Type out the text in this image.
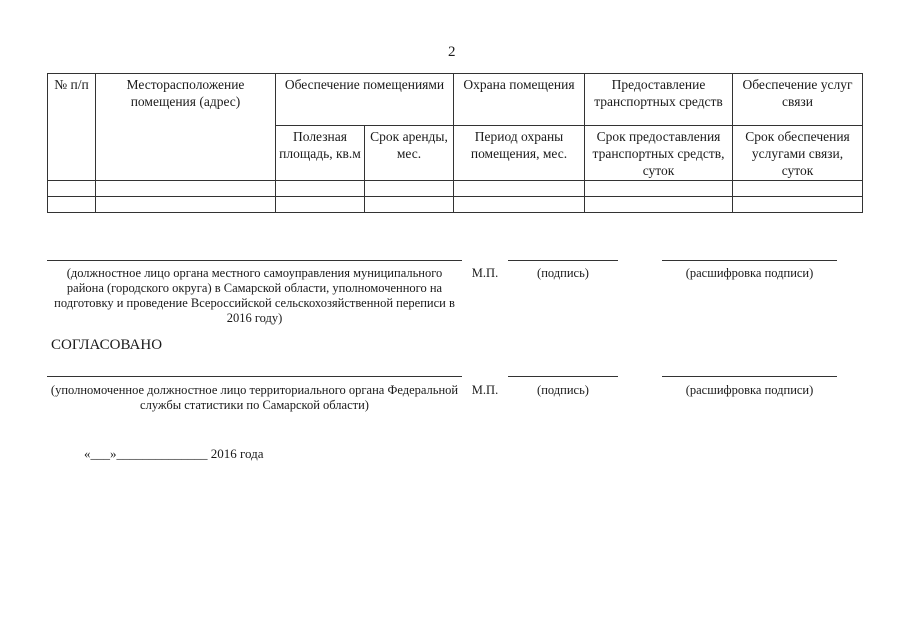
2
№ п/п	Месторасположение помещения (адрес)	Обеспечение помещениями		Охрана помещения	Предоставление транспортных средств	Обеспечение услуг связи
		Полезная площадь, кв.м	Срок аренды, мес.	Период охраны помещения, мес.	Срок предоставления транспортных средств, суток	Срок обеспечения услугами связи, суток

(должностное лицо органа местного самоуправления муниципального района (городского округа) в Самарской области, уполномоченного на подготовку и проведение Всероссийской сельскохозяйственной переписи в 2016 году)
М.П.	(подпись)	(расшифровка подписи)
СОГЛАСОВАНО
(уполномоченное должностное лицо территориального органа Федеральной службы статистики по Самарской области)
М.П.	(подпись)	(расшифровка подписи)
«___»______________ 2016 года
